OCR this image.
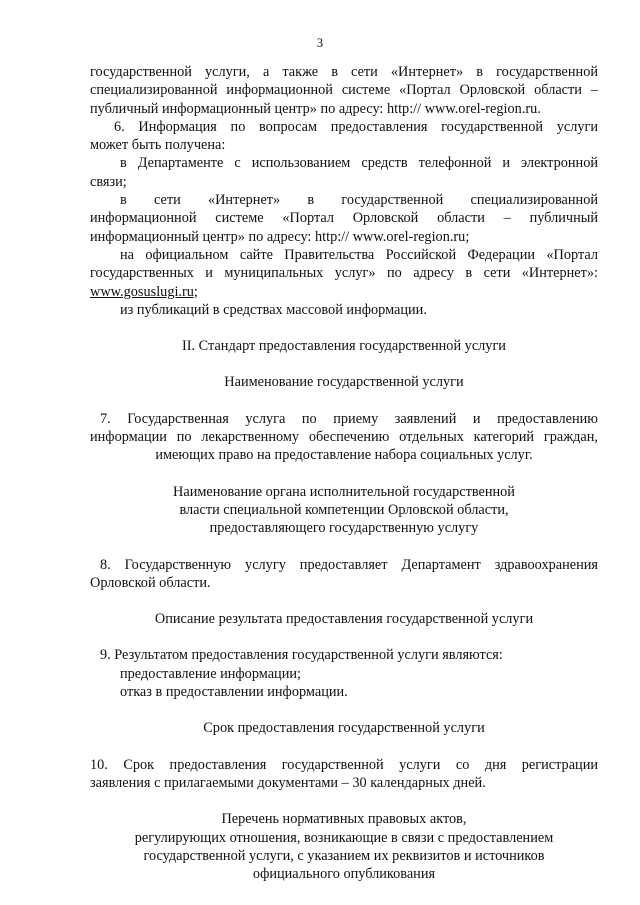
3
государственной услуги, а также в сети «Интернет» в государственной
специализированной информационной системе «Портал Орловской области –
публичный информационный центр» по адресу: http:// www.orel-region.ru.
6. Информация по вопросам предоставления государственной услуги
может быть получена:
в Департаменте с использованием средств телефонной и электронной
связи;
в сети «Интернет» в государственной специализированной
информационной системе «Портал Орловской области – публичный
информационный центр» по адресу: http:// www.orel-region.ru;
на официальном сайте Правительства Российской Федерации «Портал
государственных и муниципальных услуг» по адресу в сети «Интернет»:
www.gosuslugi.ru;
из публикаций в средствах массовой информации.
II. Стандарт предоставления государственной услуги
Наименование государственной услуги
7. Государственная услуга по приему заявлений и предоставлению
информации по лекарственному обеспечению отдельных категорий граждан,
имеющих право на предоставление набора социальных услуг.
Наименование органа исполнительной государственной
власти специальной компетенции Орловской области,
предоставляющего государственную услугу
8. Государственную услугу предоставляет Департамент здравоохранения
Орловской области.
Описание результата предоставления государственной услуги
9. Результатом предоставления государственной услуги являются:
предоставление информации;
отказ в предоставлении информации.
Срок предоставления государственной услуги
10. Срок предоставления государственной услуги со дня регистрации
заявления с прилагаемыми документами – 30 календарных дней.
Перечень нормативных правовых актов,
регулирующих отношения, возникающие в связи с предоставлением
государственной услуги, с указанием их реквизитов и источников
официального опубликования
